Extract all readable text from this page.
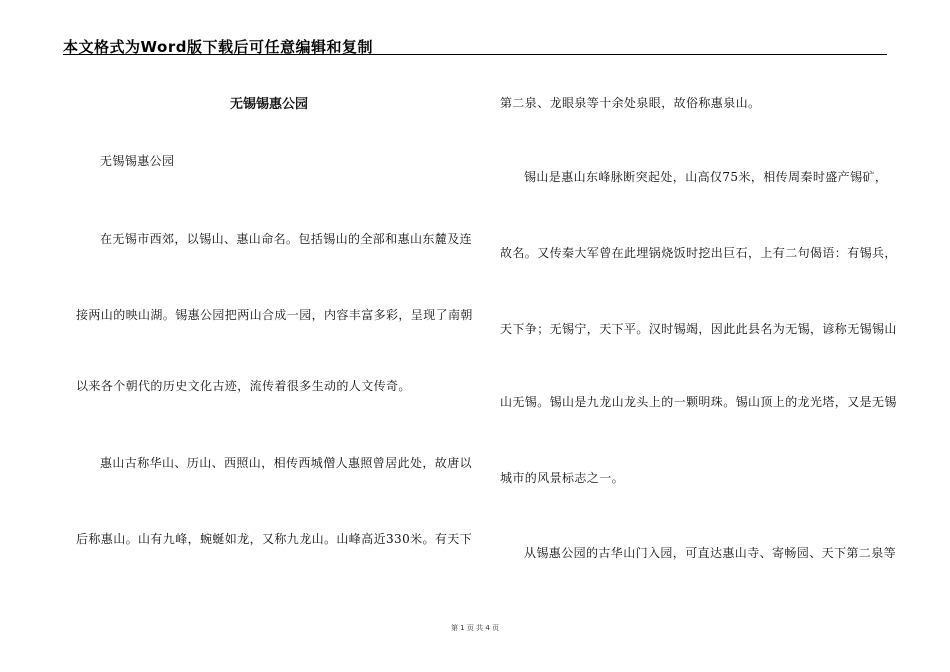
本文格式为Word版下载后可任意编辑和复制
无锡锡惠公园
无锡锡惠公园
在无锡市西郊，以锡山、惠山命名。包括锡山的全部和惠山东麓及连
接两山的映山湖。锡惠公园把两山合成一园，内容丰富多彩，呈现了南朝
以来各个朝代的历史文化古迹，流传着很多生动的人文传奇。
惠山古称华山、历山、西照山，相传西城僧人惠照曾居此处，故唐以
后称惠山。山有九峰，蜿蜒如龙，又称九龙山。山峰高近330米。有天下
第二泉、龙眼泉等十余处泉眼，故俗称惠泉山。
锡山是惠山东峰脉断突起处，山高仅75米，相传周秦时盛产锡矿，
故名。又传秦大军曾在此埋锅烧饭时挖出巨石，上有二句偈语：有锡兵，
天下争；无锡宁，天下平。汉时锡竭，因此此县名为无锡，谚称无锡锡山
山无锡。锡山是九龙山龙头上的一颗明珠。锡山顶上的龙光塔，又是无锡
城市的风景标志之一。
从锡惠公园的古华山门入园，可直达惠山寺、寄畅园、天下第二泉等
第 1 页 共 4 页
